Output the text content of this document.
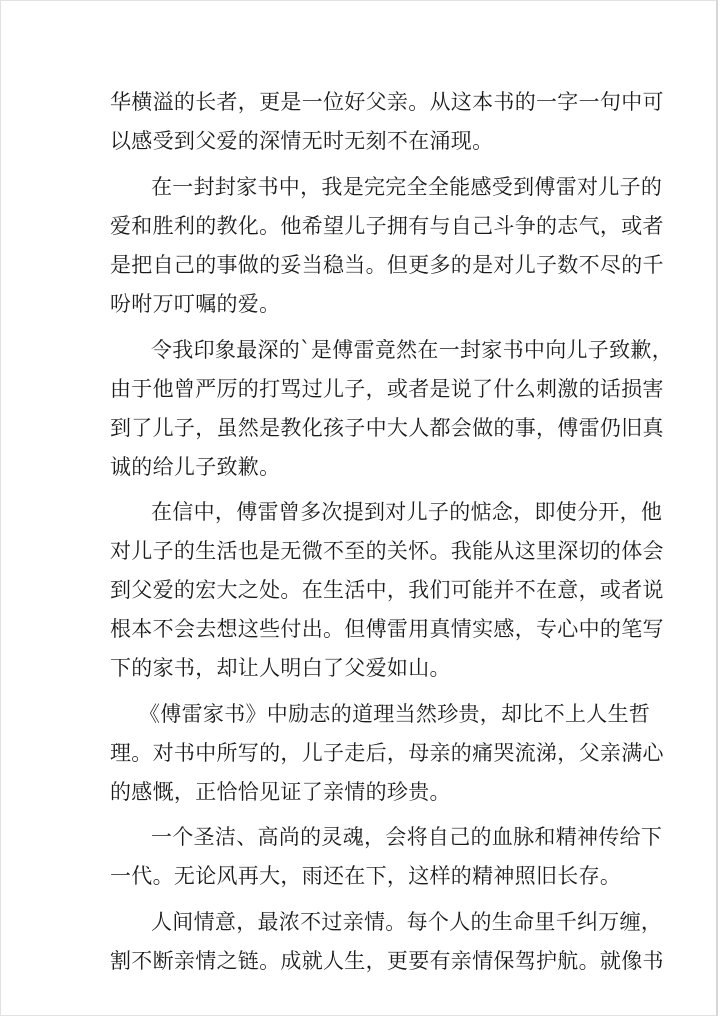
华横溢的长者，更是一位好父亲。从这本书的一字一句中可
以感受到父爱的深情无时无刻不在涌现。
在一封封家书中，我是完完全全能感受到傅雷对儿子的
爱和胜利的教化。他希望儿子拥有与自己斗争的志气，或者
是把自己的事做的妥当稳当。但更多的是对儿子数不尽的千
吩咐万叮嘱的爱。
令我印象最深的`是傅雷竟然在一封家书中向儿子致歉，
由于他曾严厉的打骂过儿子，或者是说了什么刺激的话损害
到了儿子，虽然是教化孩子中大人都会做的事，傅雷仍旧真
诚的给儿子致歉。
在信中，傅雷曾多次提到对儿子的惦念，即使分开，他
对儿子的生活也是无微不至的关怀。我能从这里深切的体会
到父爱的宏大之处。在生活中，我们可能并不在意，或者说
根本不会去想这些付出。但傅雷用真情实感，专心中的笔写
下的家书，却让人明白了父爱如山。
《傅雷家书》中励志的道理当然珍贵，却比不上人生哲
理。对书中所写的，儿子走后，母亲的痛哭流涕，父亲满心
的感慨，正恰恰见证了亲情的珍贵。
一个圣洁、高尚的灵魂，会将自己的血脉和精神传给下
一代。无论风再大，雨还在下，这样的精神照旧长存。
人间情意，最浓不过亲情。每个人的生命里千纠万缠，
割不断亲情之链。成就人生，更要有亲情保驾护航。就像书
